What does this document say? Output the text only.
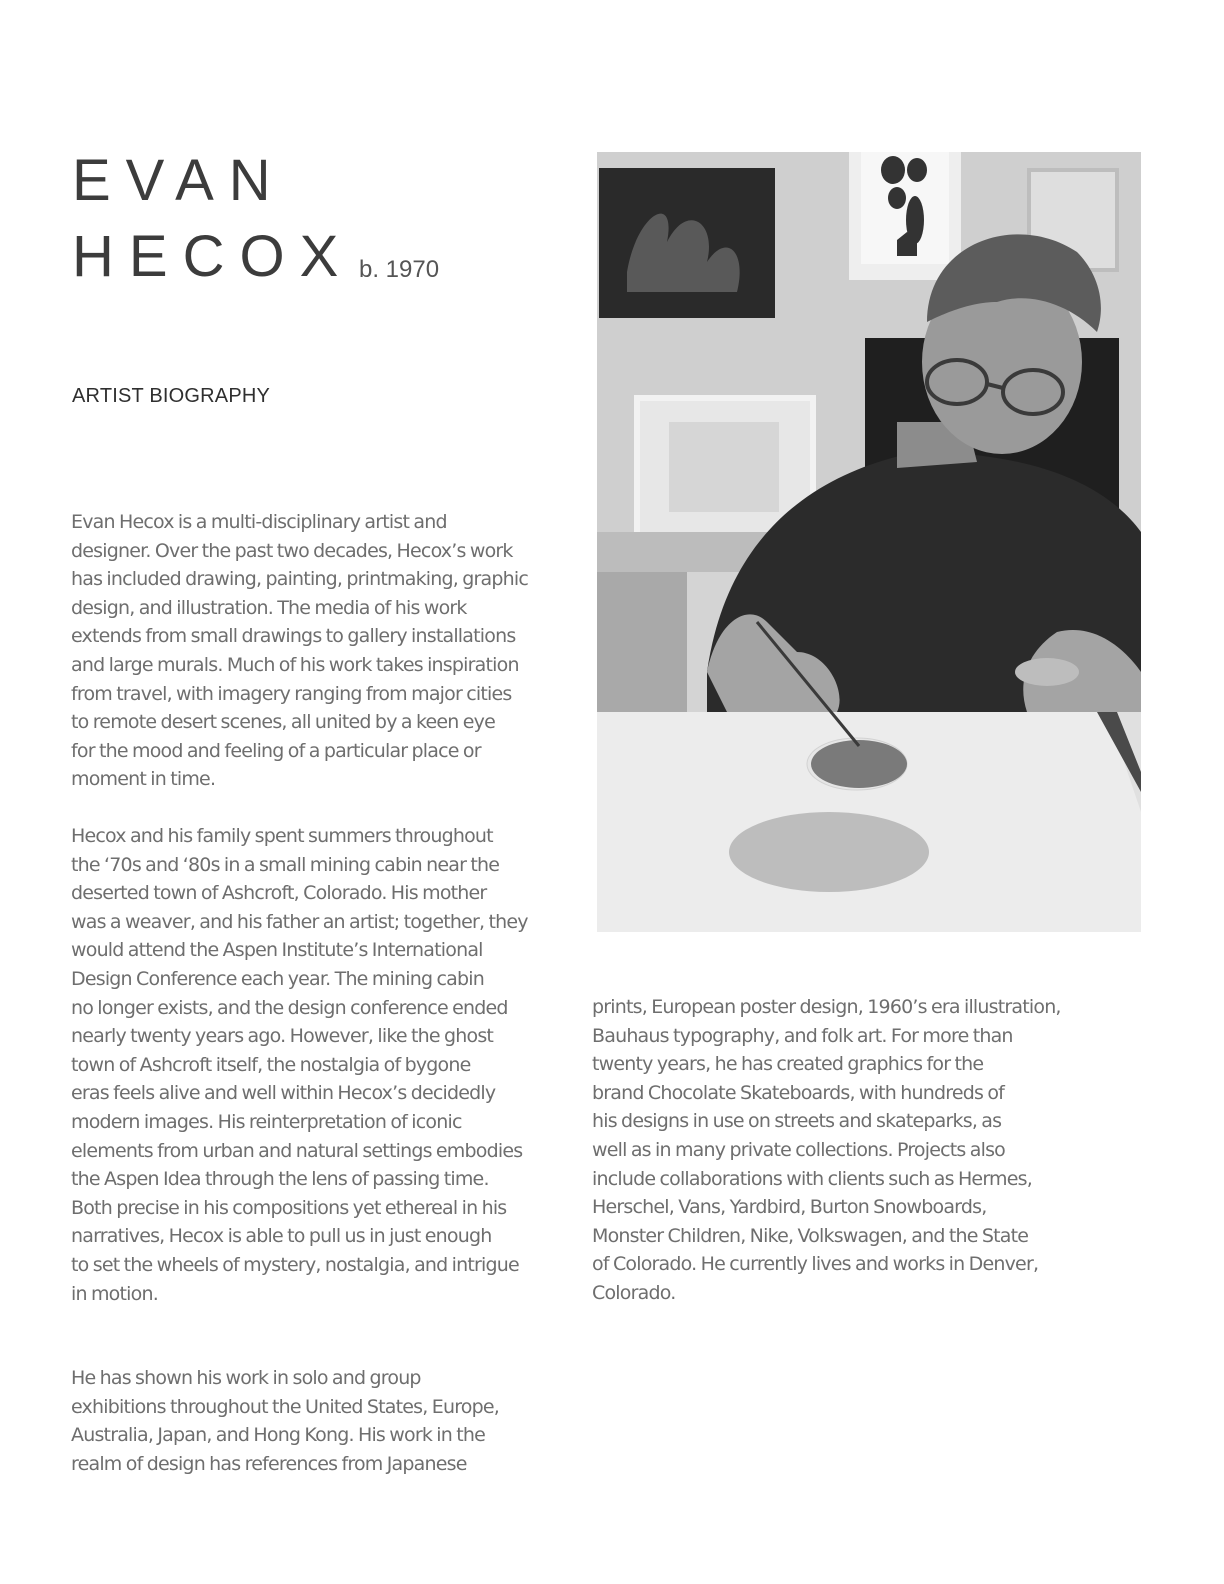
EVAN
HECOX b. 1970
ARTIST BIOGRAPHY

Evan Hecox is a multi-disciplinary artist and
designer. Over the past two decades, Hecox’s work
has included drawing, painting, printmaking, graphic
design, and illustration. The media of his work
extends from small drawings to gallery installations
and large murals. Much of his work takes inspiration
from travel, with imagery ranging from major cities
to remote desert scenes, all united by a keen eye
for the mood and feeling of a particular place or
moment in time.

Hecox and his family spent summers throughout
the ‘70s and ‘80s in a small mining cabin near the
deserted town of Ashcroft, Colorado. His mother
was a weaver, and his father an artist; together, they
would attend the Aspen Institute’s International
Design Conference each year. The mining cabin
no longer exists, and the design conference ended
nearly twenty years ago. However, like the ghost
town of Ashcroft itself, the nostalgia of bygone
eras feels alive and well within Hecox’s decidedly
modern images. His reinterpretation of iconic
elements from urban and natural settings embodies
the Aspen Idea through the lens of passing time.
Both precise in his compositions yet ethereal in his
narratives, Hecox is able to pull us in just enough
to set the wheels of mystery, nostalgia, and intrigue
in motion.

He has shown his work in solo and group
exhibitions throughout the United States, Europe,
Australia, Japan, and Hong Kong. His work in the
realm of design has references from Japanese

prints, European poster design, 1960’s era illustration,
Bauhaus typography, and folk art. For more than
twenty years, he has created graphics for the
brand Chocolate Skateboards, with hundreds of
his designs in use on streets and skateparks, as
well as in many private collections. Projects also
include collaborations with clients such as Hermes,
Herschel, Vans, Yardbird, Burton Snowboards,
Monster Children, Nike, Volkswagen, and the State
of Colorado. He currently lives and works in Denver,
Colorado.
